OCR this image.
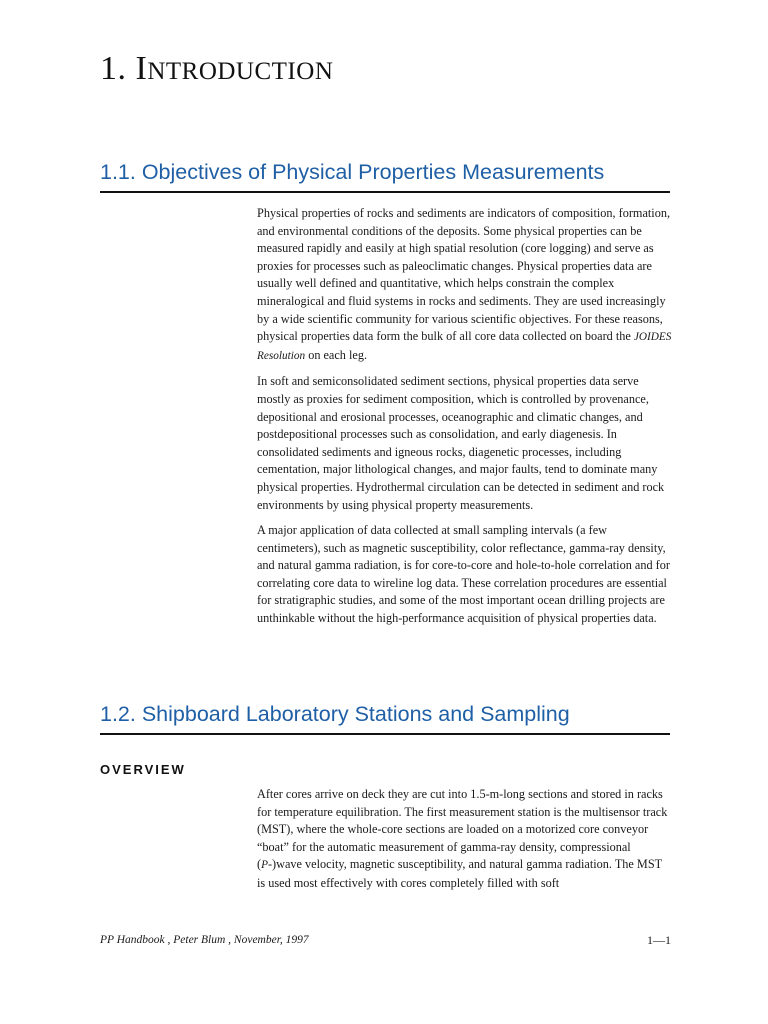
1. INTRODUCTION
1.1. Objectives of Physical Properties Measurements

Physical properties of rocks and sediments are indicators of composition, formation, and environmental conditions of the deposits. Some physical properties can be measured rapidly and easily at high spatial resolution (core logging) and serve as proxies for processes such as paleoclimatic changes. Physical properties data are usually well defined and quantitative, which helps constrain the complex mineralogical and fluid systems in rocks and sediments. They are used increasingly by a wide scientific community for various scientific objectives. For these reasons, physical properties data form the bulk of all core data collected on board the JOIDES Resolution on each leg.

In soft and semiconsolidated sediment sections, physical properties data serve mostly as proxies for sediment composition, which is controlled by provenance, depositional and erosional processes, oceanographic and climatic changes, and postdepositional processes such as consolidation, and early diagenesis. In consolidated sediments and igneous rocks, diagenetic processes, including cementation, major lithological changes, and major faults, tend to dominate many physical properties. Hydrothermal circulation can be detected in sediment and rock environments by using physical property measurements.

A major application of data collected at small sampling intervals (a few centimeters), such as magnetic susceptibility, color reflectance, gamma-ray density, and natural gamma radiation, is for core-to-core and hole-to-hole correlation and for correlating core data to wireline log data. These correlation procedures are essential for stratigraphic studies, and some of the most important ocean drilling projects are unthinkable without the high-performance acquisition of physical properties data.

1.2. Shipboard Laboratory Stations and Sampling
OVERVIEW

After cores arrive on deck they are cut into 1.5-m-long sections and stored in racks for temperature equilibration. The first measurement station is the multisensor track (MST), where the whole-core sections are loaded on a motorized core conveyor “boat” for the automatic measurement of gamma-ray density, compressional (P-)wave velocity, magnetic susceptibility, and natural gamma radiation. The MST is used most effectively with cores completely filled with soft

PP Handbook , Peter Blum , November, 1997	1—1
